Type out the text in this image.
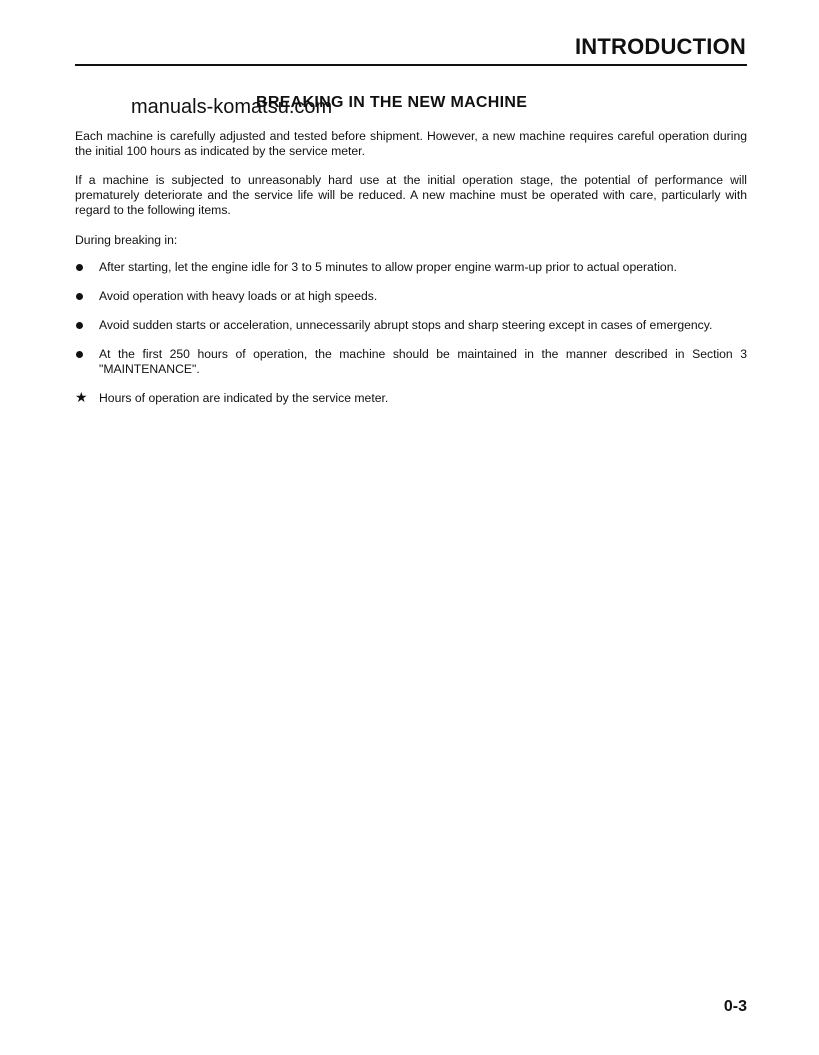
INTRODUCTION
BREAKING IN THE NEW MACHINE
manuals-komatsu.com
Each machine is carefully adjusted and tested before shipment. However, a new machine requires careful operation during the initial 100 hours as indicated by the service meter.
If a machine is subjected to unreasonably hard use at the initial operation stage, the potential of performance will prematurely deteriorate and the service life will be reduced. A new machine must be operated with care, particularly with regard to the following items.
During breaking in:
After starting, let the engine idle for 3 to 5 minutes to allow proper engine warm-up prior to actual operation.
Avoid operation with heavy loads or at high speeds.
Avoid sudden starts or acceleration, unnecessarily abrupt stops and sharp steering except in cases of emergency.
At the first 250 hours of operation, the machine should be maintained in the manner described in Section 3 "MAINTENANCE".
★ Hours of operation are indicated by the service meter.
0-3
